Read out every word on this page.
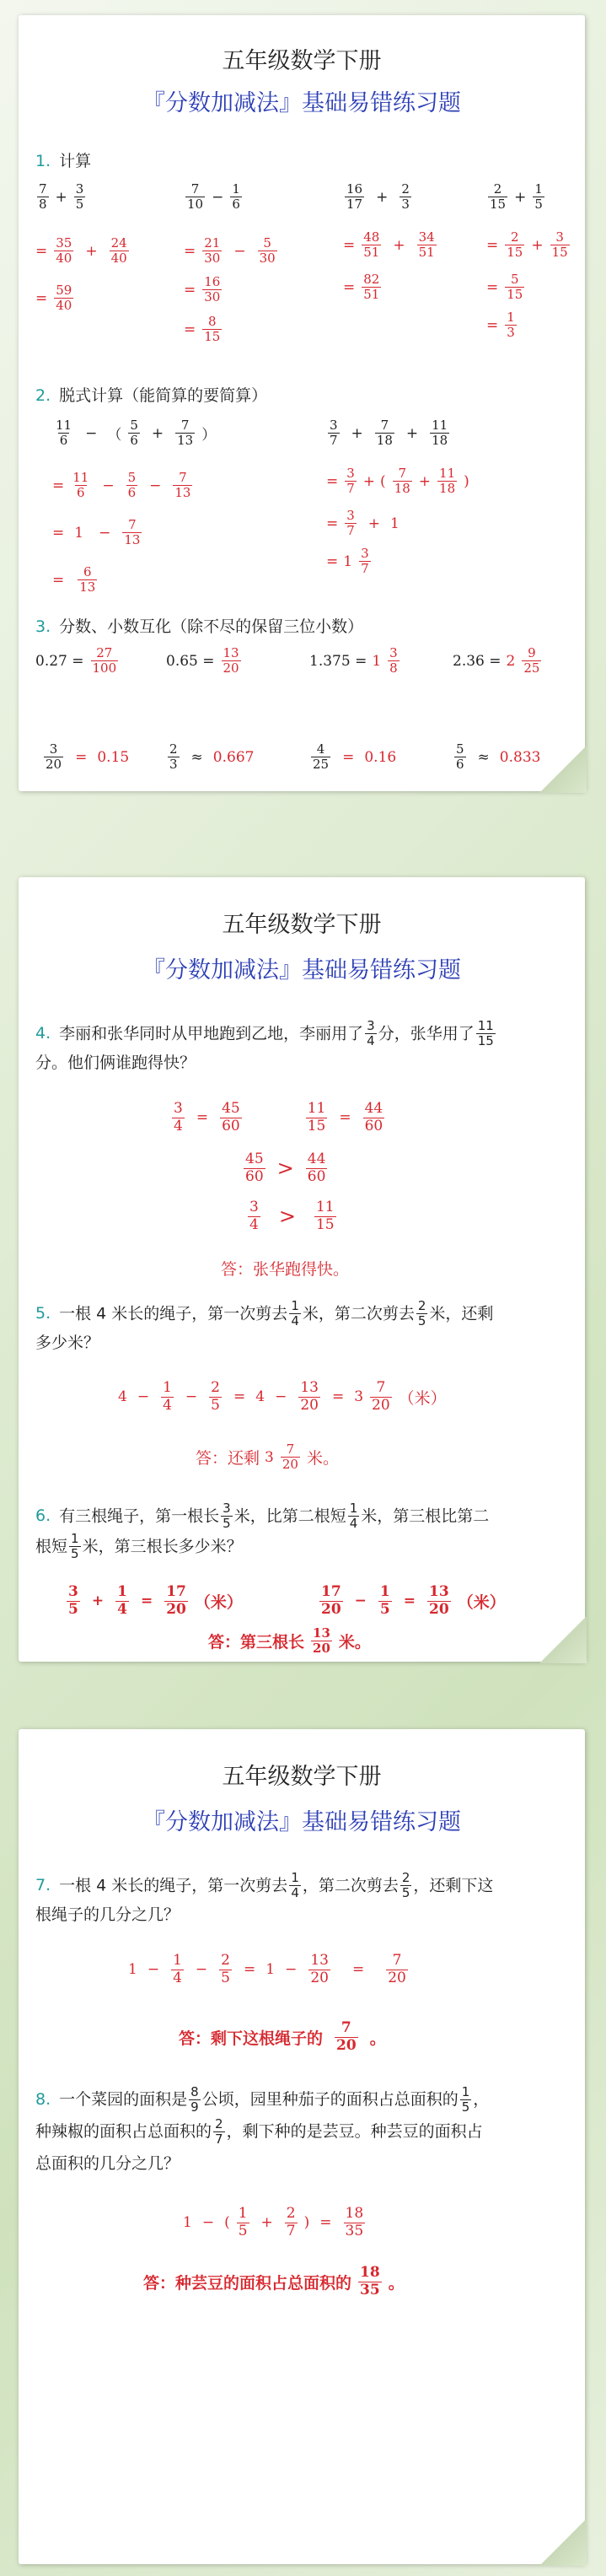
五年级数学下册
『分数加减法』基础易错练习题
1. 计算
$\frac{7}{8} + \frac{3}{5}$
= $\frac{35}{40} + \frac{24}{40}$
= $\frac{59}{40}$
$\frac{7}{10} - \frac{1}{6}$
= $\frac{21}{30} - \frac{5}{30}$
= $\frac{16}{30}$
= $\frac{8}{15}$
$\frac{16}{17} + \frac{2}{3}$
= $\frac{48}{51} + \frac{34}{51}$
= $\frac{82}{51}$
$\frac{2}{15} + \frac{1}{5}$
= $\frac{2}{15} + \frac{3}{15}$
= $\frac{5}{15}$
= $\frac{1}{3}$
2. 脱式计算（能简算的要简算）
$\frac{11}{6}$ − （ $\frac{5}{6} + \frac{7}{13}$ ）
= $\frac{11}{6} - \frac{5}{6} - \frac{7}{13}$
= $1 - \frac{7}{13}$
= $\frac{6}{13}$
$\frac{3}{7} + \frac{7}{18} + \frac{11}{18}$
= $\frac{3}{7}$ + ( $\frac{7}{18} + \frac{11}{18}$ )
= $\frac{3}{7} + 1$
= $1 \frac{3}{7}$
3. 分数、小数互化（除不尽的保留三位小数）
$0.27 = \frac{27}{100}$	$0.65 = \frac{13}{20}$	$1.375 = 1 \frac{3}{8}$	$2.36 = 2 \frac{9}{25}$
$\frac{3}{20} = 0.15$	$\frac{2}{3} \approx 0.667$	$\frac{4}{25} = 0.16$	$\frac{5}{6} \approx 0.833$
五年级数学下册
『分数加减法』基础易错练习题
4. 李丽和张华同时从甲地跑到乙地，李丽用了 $\frac{3}{4}$ 分，张华用了 $\frac{11}{15}$

分。他们俩谁跑得快？
$\frac{3}{4} = \frac{45}{60}$	$\frac{11}{15} = \frac{44}{60}$
$\frac{45}{60} > \frac{44}{60}$
$\frac{3}{4} > \frac{11}{15}$
答：张华跑得快。
5. 一根 4 米长的绳子，第一次剪去 $\frac{1}{4}$ 米，第二次剪去 $\frac{2}{5}$ 米，还剩
多少米？
$4 - \frac{1}{4} - \frac{2}{5} = 4 - \frac{13}{20} = 3 \frac{7}{20}$ （米）
答：还剩 $3 \frac{7}{20}$ 米。
6. 有三根绳子，第一根长 $\frac{3}{5}$ 米，比第二根短 $\frac{1}{4}$ 米，第三根比第二
根短 $\frac{1}{5}$ 米，第三根长多少米？
$\frac{3}{5} + \frac{1}{4} = \frac{17}{20}$ （米）	$\frac{17}{20} - \frac{1}{5} = \frac{13}{20}$ （米）
答：第三根长 $\frac{13}{20}$ 米。
五年级数学下册
『分数加减法』基础易错练习题
7. 一根 4 米长的绳子，第一次剪去 $\frac{1}{4}$ ，第二次剪去 $\frac{2}{5}$ ，还剩下这
根绳子的几分之几？
$1 - \frac{1}{4} - \frac{2}{5} = 1 - \frac{13}{20} = \frac{7}{20}$
答：剩下这根绳子的 $\frac{7}{20}$ 。
8. 一个菜园的面积是 $\frac{8}{9}$ 公顷，园里种茄子的面积占总面积的 $\frac{1}{5}$ ，
种辣椒的面积占总面积的 $\frac{2}{7}$ ，剩下种的是芸豆。种芸豆的面积占
总面积的几分之几？
1 − ( $\frac{1}{5} + \frac{2}{7}$ ) = $\frac{18}{35}$
答：种芸豆的面积占总面积的 $\frac{18}{35}$ 。
